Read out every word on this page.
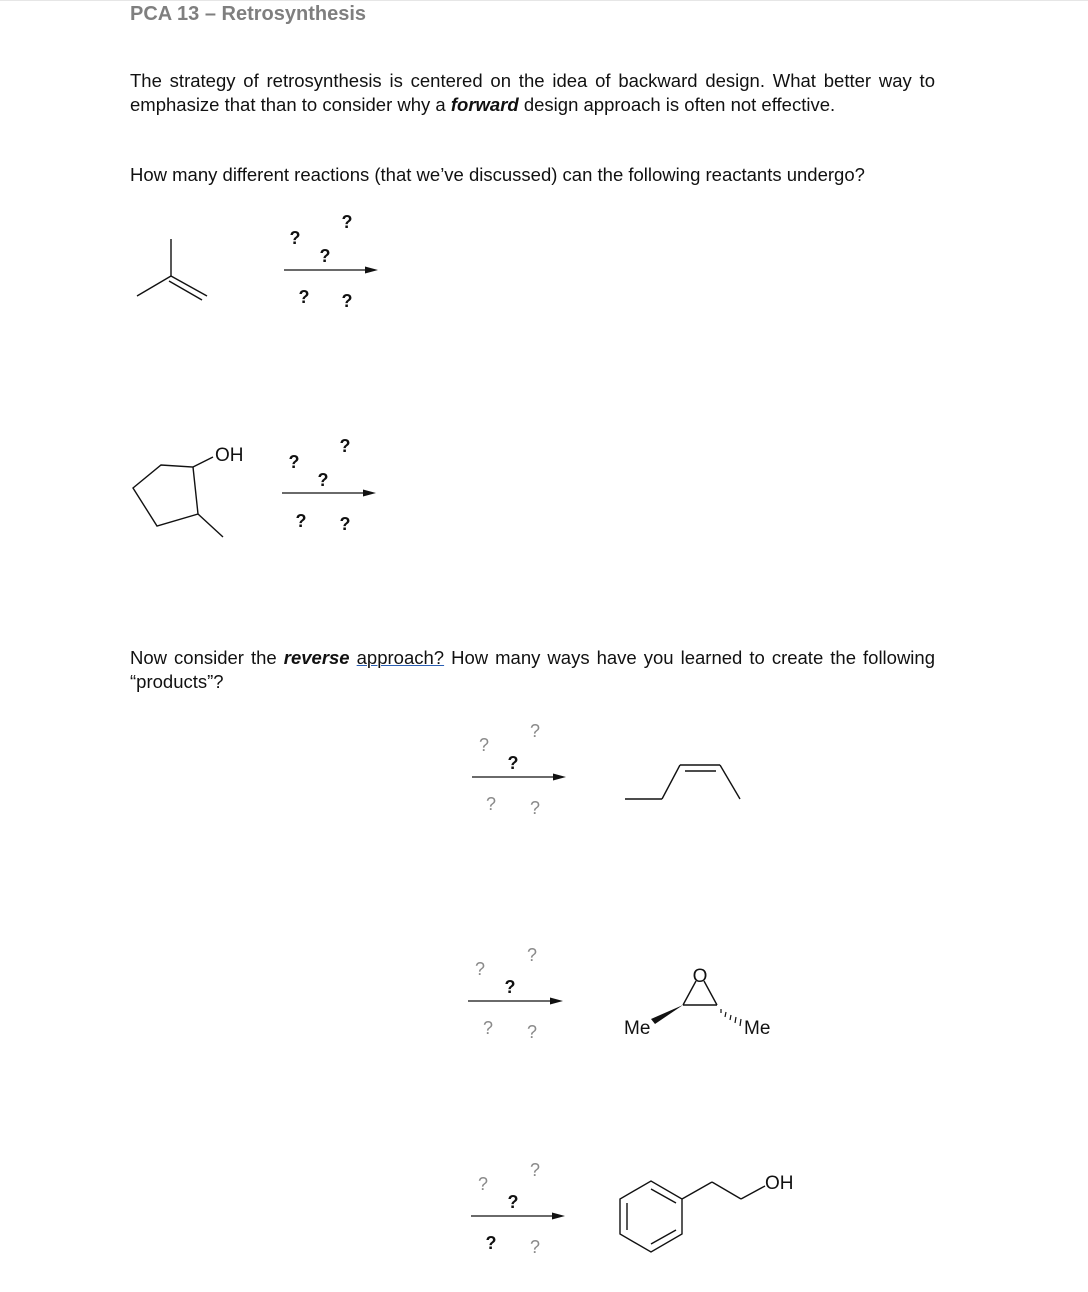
PCA 13 – Retrosynthesis
The strategy of retrosynthesis is centered on the idea of backward design. What better way to emphasize that than to consider why a forward design approach is often not effective.
How many different reactions (that we’ve discussed) can the following reactants undergo?
?
?
?
? ?
OH	?
?
?
? ?
Now consider the reverse approach? How many ways have you learned to create the following “products”?
?
?
?
? ?
?
?
?
? ?
O
Me	Me
?
?
?
? ?
OH
